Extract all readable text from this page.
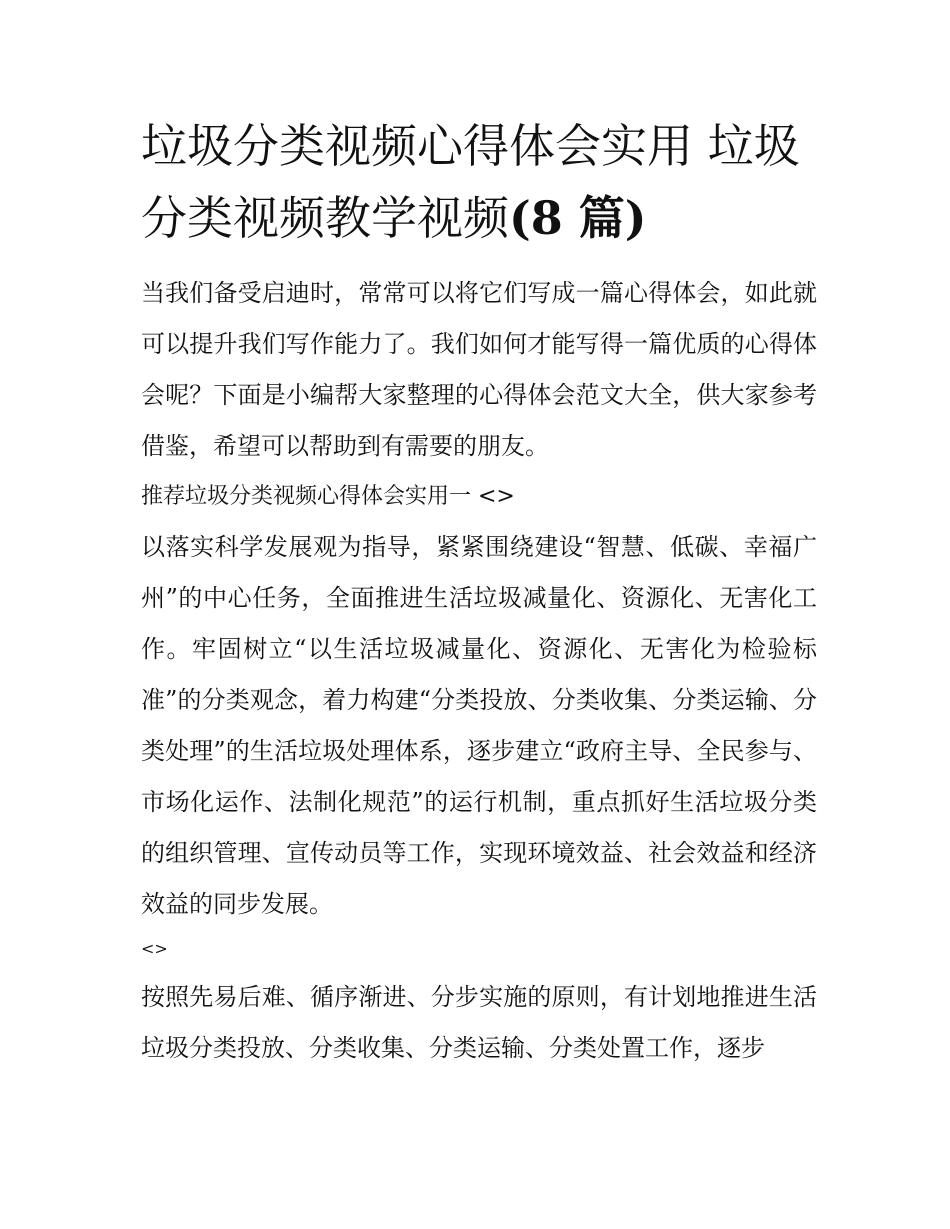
垃圾分类视频心得体会实用 垃圾分类视频教学视频(8 篇)

当我们备受启迪时，常常可以将它们写成一篇心得体会，如此就可以提升我们写作能力了。我们如何才能写得一篇优质的心得体会呢？下面是小编帮大家整理的心得体会范文大全，供大家参考借鉴，希望可以帮助到有需要的朋友。

推荐垃圾分类视频心得体会实用一 <>

以落实科学发展观为指导，紧紧围绕建设“智慧、低碳、幸福广州”的中心任务，全面推进生活垃圾减量化、资源化、无害化工作。牢固树立“以生活垃圾减量化、资源化、无害化为检验标准”的分类观念，着力构建“分类投放、分类收集、分类运输、分类处理”的生活垃圾处理体系，逐步建立“政府主导、全民参与、市场化运作、法制化规范”的运行机制，重点抓好生活垃圾分类的组织管理、宣传动员等工作，实现环境效益、社会效益和经济效益的同步发展。

<>

按照先易后难、循序渐进、分步实施的原则，有计划地推进生活垃圾分类投放、分类收集、分类运输、分类处置工作，逐步
